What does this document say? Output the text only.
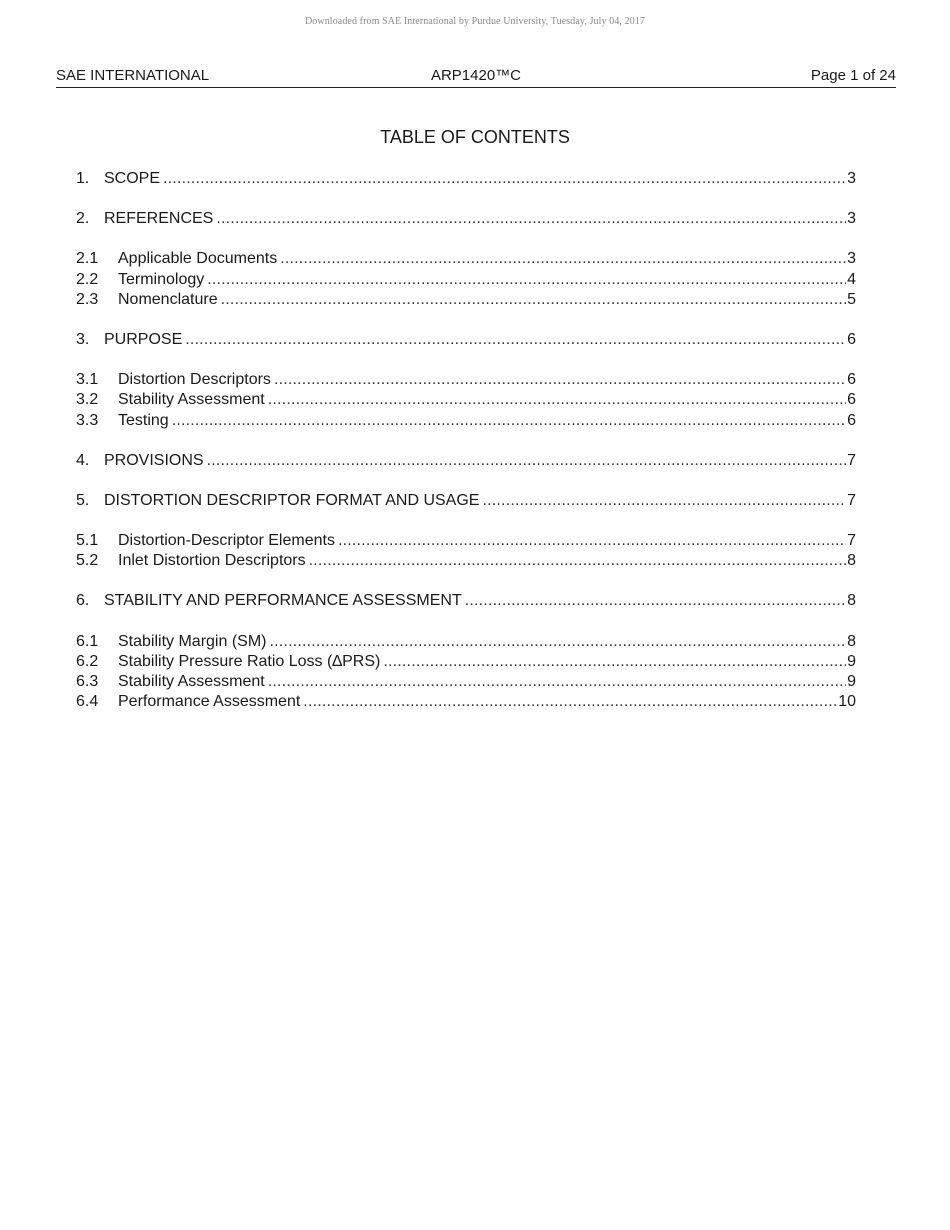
Downloaded from SAE International by Purdue University, Tuesday, July 04, 2017
SAE INTERNATIONAL	ARP1420™C	Page 1 of 24
TABLE OF CONTENTS
1. SCOPE .....	3
2. REFERENCES .....	3
2.1	Applicable Documents .....	3
2.2	Terminology .....	4
2.3	Nomenclature .....	5
3. PURPOSE .....	6
3.1	Distortion Descriptors .....	6
3.2	Stability Assessment .....	6
3.3	Testing .....	6
4. PROVISIONS .....	7
5. DISTORTION DESCRIPTOR FORMAT AND USAGE .....	7
5.1	Distortion-Descriptor Elements .....	7
5.2	Inlet Distortion Descriptors .....	8
6. STABILITY AND PERFORMANCE ASSESSMENT .....	8
6.1	Stability Margin (SM) .....	8
6.2	Stability Pressure Ratio Loss (∆PRS) .....	9
6.3	Stability Assessment .....	9
6.4	Performance Assessment .....	10
